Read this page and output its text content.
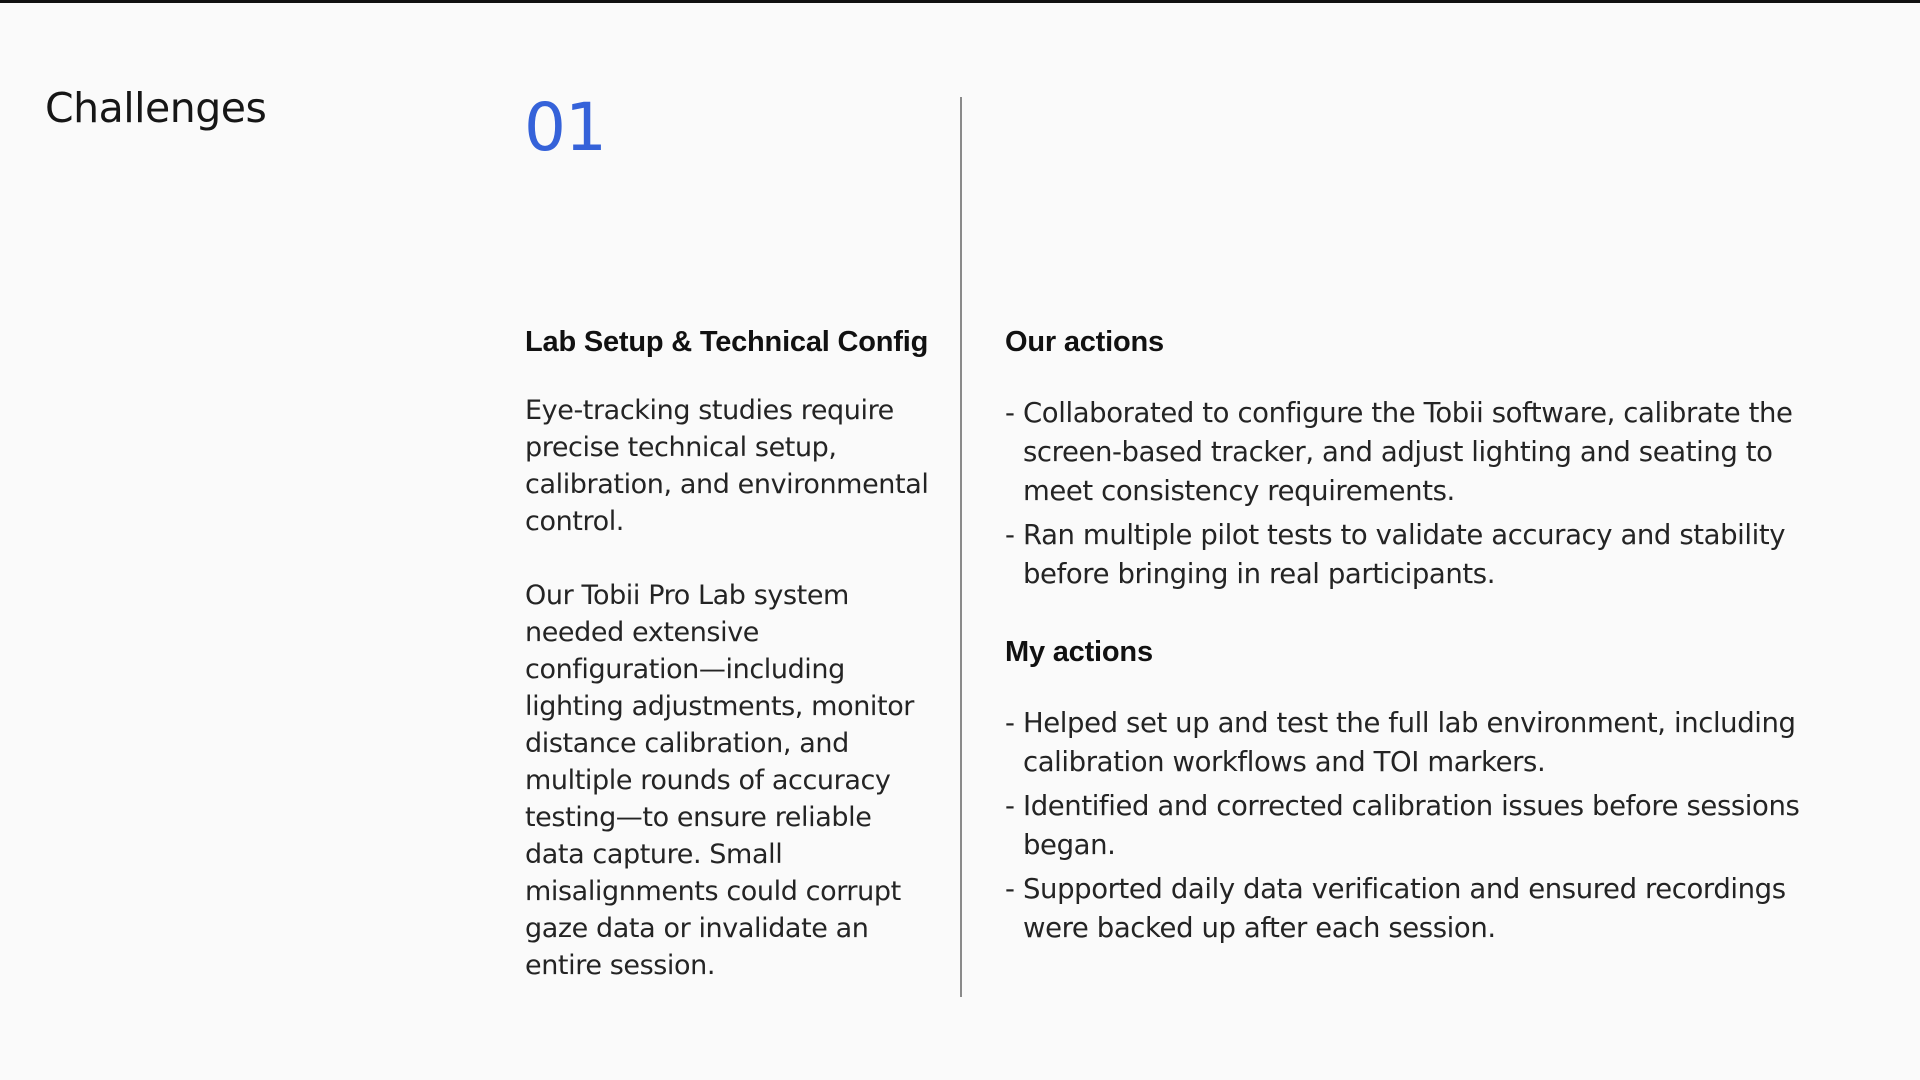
Challenges	01
Lab Setup & Technical Config

Eye-tracking studies require precise technical setup, calibration, and environmental control.

Our Tobii Pro Lab system needed extensive configuration—including lighting adjustments, monitor distance calibration, and multiple rounds of accuracy testing—to ensure reliable data capture. Small misalignments could corrupt gaze data or invalidate an entire session.

Our actions
- Collaborated to configure the Tobii software, calibrate the screen-based tracker, and adjust lighting and seating to meet consistency requirements.
- Ran multiple pilot tests to validate accuracy and stability before bringing in real participants.
My actions
- Helped set up and test the full lab environment, including calibration workflows and TOI markers.
- Identified and corrected calibration issues before sessions began.
- Supported daily data verification and ensured recordings were backed up after each session.
